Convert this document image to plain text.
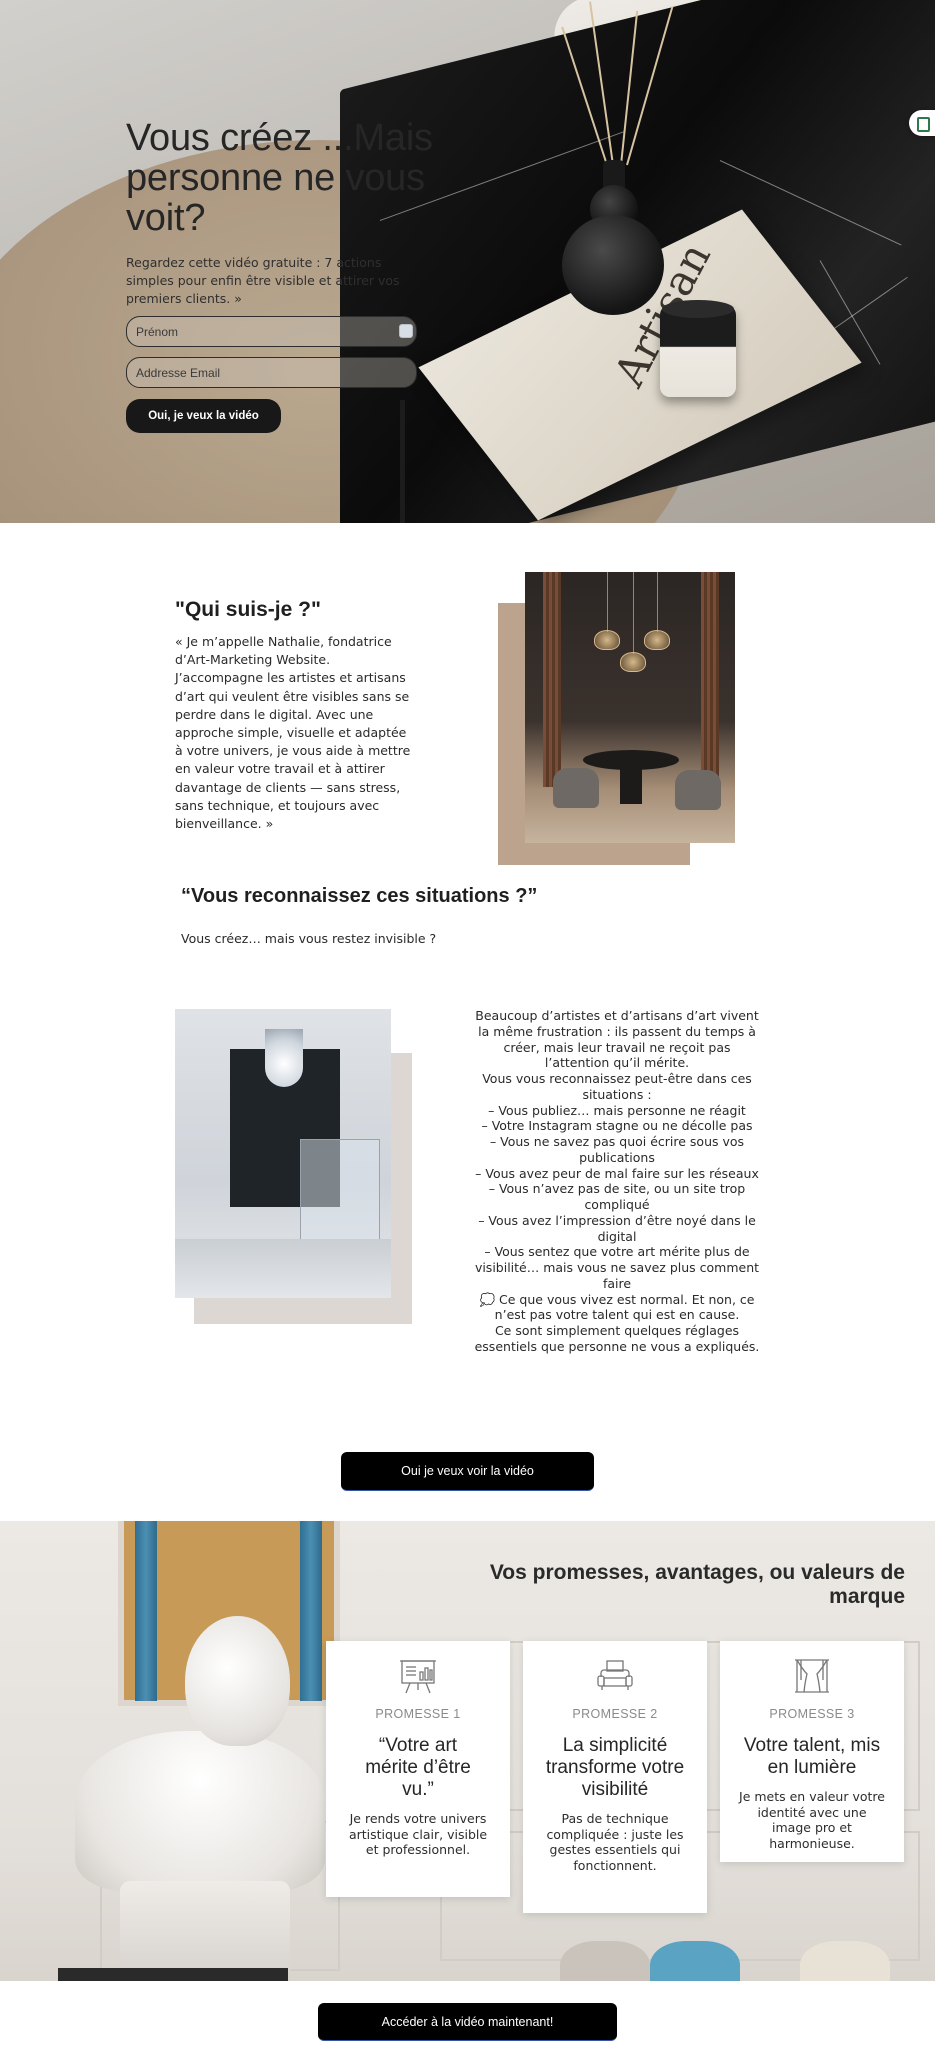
Vous créez ...Mais personne ne vous voit?

Regardez cette vidéo gratuite : 7 actions simples pour enfin être visible et attirer vos premiers clients. »

Prénom
Addresse Email
Oui, je veux la vidéo
"Qui suis-je ?"

« Je m’appelle Nathalie, fondatrice d’Art-Marketing Website. J’accompagne les artistes et artisans d’art qui veulent être visibles sans se perdre dans le digital. Avec une approche simple, visuelle et adaptée à votre univers, je vous aide à mettre en valeur votre travail et à attirer davantage de clients — sans stress, sans technique, et toujours avec bienveillance. »

“Vous reconnaissez ces situations ?”

Vous créez… mais vous restez invisible ?

Beaucoup d’artistes et d’artisans d’art vivent la même frustration : ils passent du temps à créer, mais leur travail ne reçoit pas l’attention qu’il mérite.

Vous vous reconnaissez peut-être dans ces situations :

– Vous publiez… mais personne ne réagit

– Votre Instagram stagne ou ne décolle pas

– Vous ne savez pas quoi écrire sous vos publications

– Vous avez peur de mal faire sur les réseaux

– Vous n’avez pas de site, ou un site trop compliqué

– Vous avez l’impression d’être noyé dans le digital

– Vous sentez que votre art mérite plus de visibilité… mais vous ne savez plus comment faire

💭 Ce que vous vivez est normal. Et non, ce n’est pas votre talent qui est en cause.

Ce sont simplement quelques réglages essentiels que personne ne vous a expliqués.

Oui je veux voir la vidéo
Vos promesses, avantages, ou valeurs de marque
PROMESSE 1
“Votre art mérite d’être vu.”
Je rends votre univers artistique clair, visible et professionnel.
PROMESSE 2
La simplicité transforme votre visibilité
Pas de technique compliquée : juste les gestes essentiels qui fonctionnent.
PROMESSE 3
Votre talent, mis en lumière
Je mets en valeur votre identité avec une image pro et harmonieuse.
Accéder à la vidéo maintenant!
